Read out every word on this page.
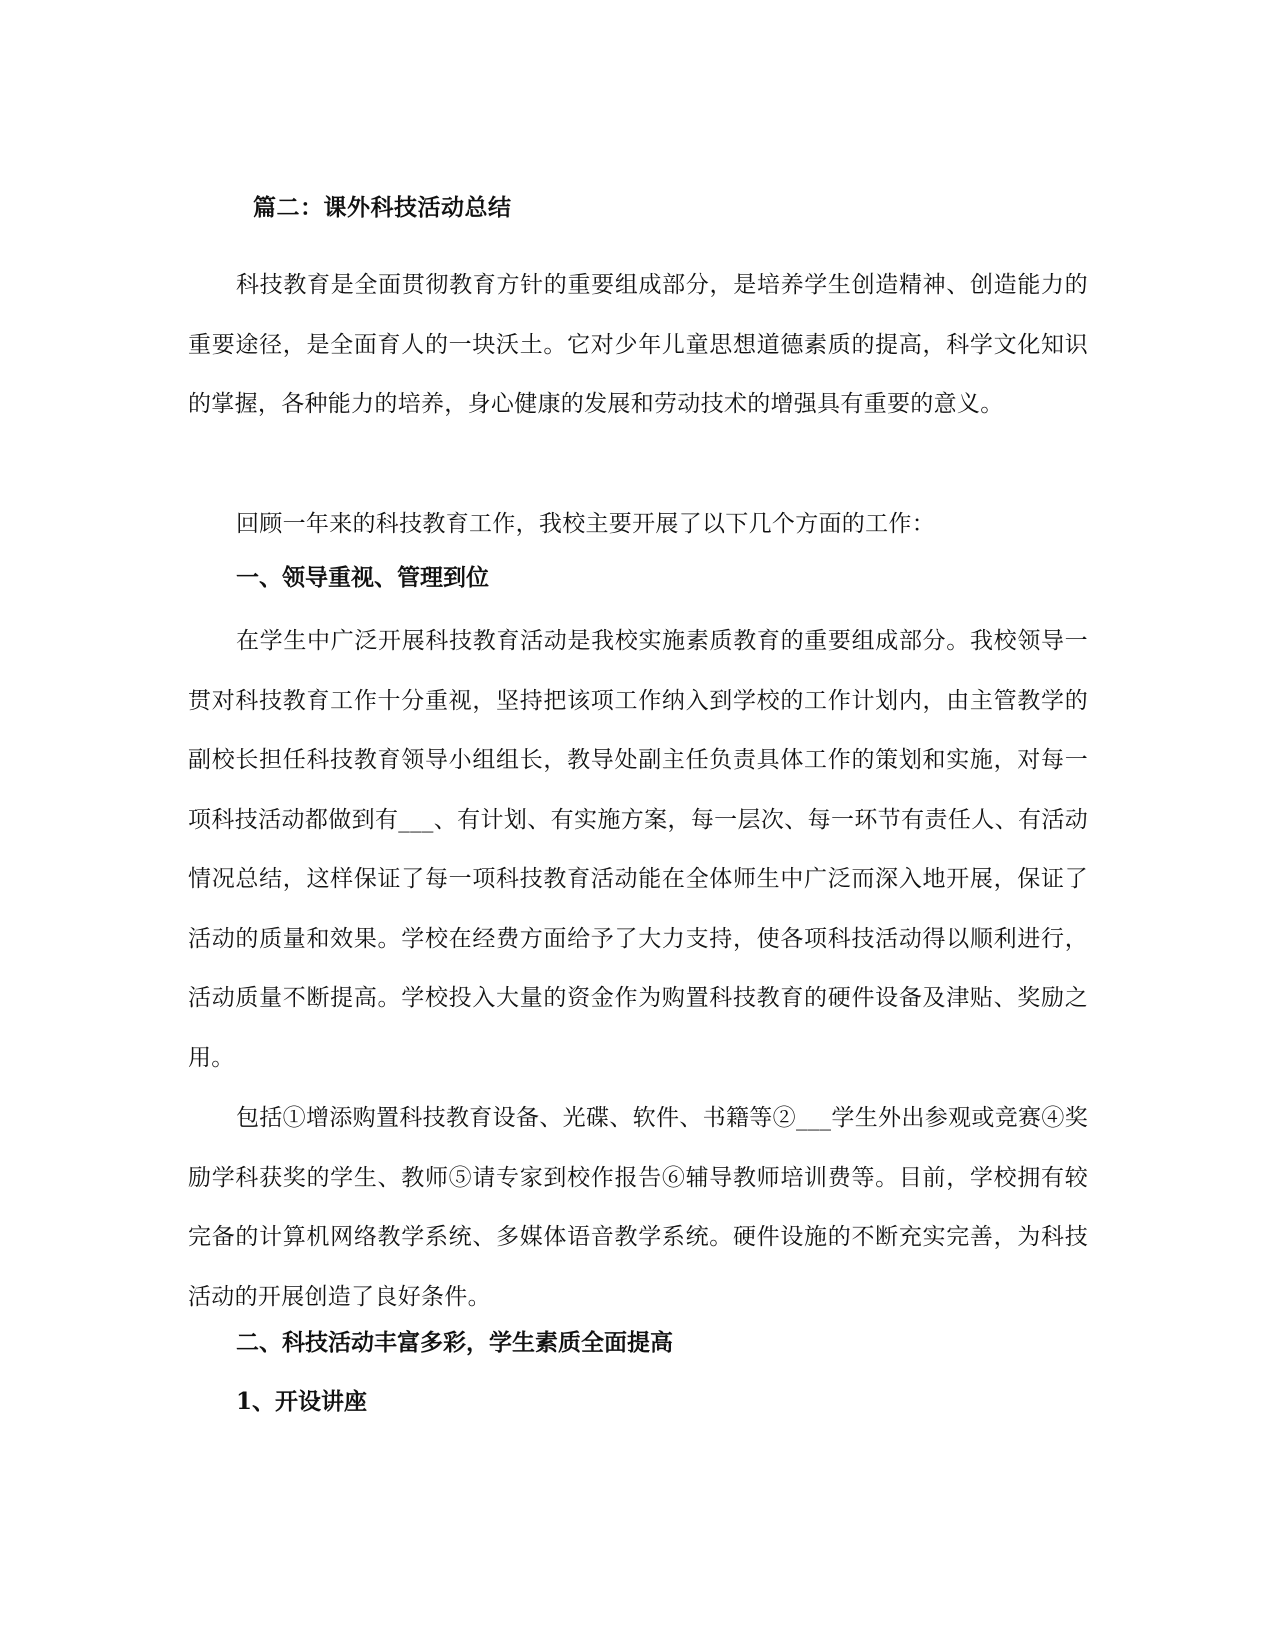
篇二：课外科技活动总结
科技教育是全面贯彻教育方针的重要组成部分，是培养学生创造精神、创造能力的重要途径，是全面育人的一块沃土。它对少年儿童思想道德素质的提高，科学文化知识的掌握，各种能力的培养，身心健康的发展和劳动技术的增强具有重要的意义。
回顾一年来的科技教育工作，我校主要开展了以下几个方面的工作：
一、领导重视、管理到位
在学生中广泛开展科技教育活动是我校实施素质教育的重要组成部分。我校领导一贯对科技教育工作十分重视，坚持把该项工作纳入到学校的工作计划内，由主管教学的副校长担任科技教育领导小组组长，教导处副主任负责具体工作的策划和实施，对每一项科技活动都做到有___、有计划、有实施方案，每一层次、每一环节有责任人、有活动情况总结，这样保证了每一项科技教育活动能在全体师生中广泛而深入地开展，保证了活动的质量和效果。学校在经费方面给予了大力支持，使各项科技活动得以顺利进行，活动质量不断提高。学校投入大量的资金作为购置科技教育的硬件设备及津贴、奖励之用。
包括①增添购置科技教育设备、光碟、软件、书籍等②___学生外出参观或竞赛④奖励学科获奖的学生、教师⑤请专家到校作报告⑥辅导教师培训费等。目前，学校拥有较完备的计算机网络教学系统、多媒体语音教学系统。硬件设施的不断充实完善，为科技活动的开展创造了良好条件。
二、科技活动丰富多彩，学生素质全面提高
1、开设讲座
